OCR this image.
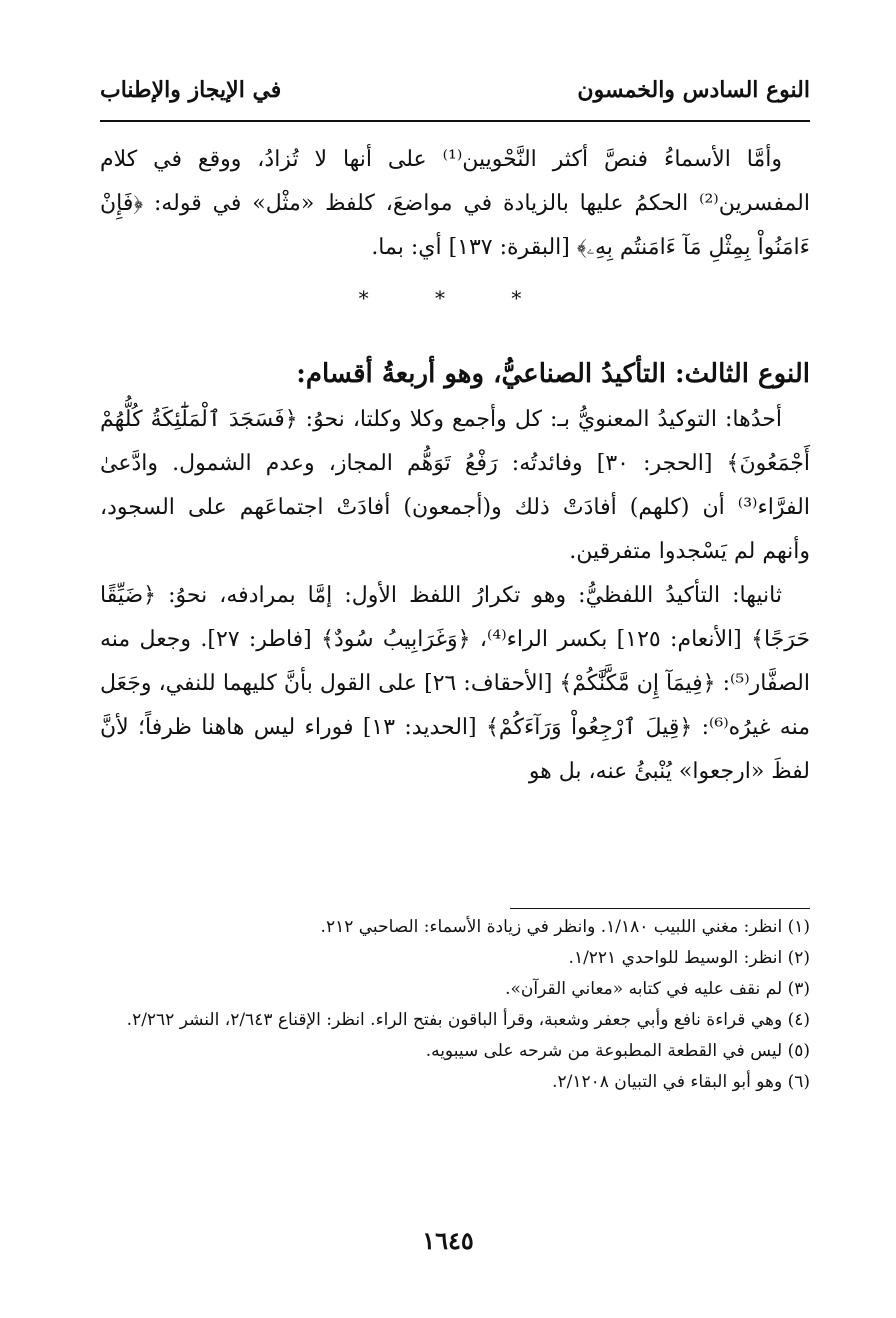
النوع السادس والخمسون
في الإيجاز والإطناب

وأمَّا الأسماءُ فنصَّ أكثر النَّحْويين⁽¹⁾ على أنها لا تُزادُ، ووقع في كلام المفسرين⁽²⁾ الحكمُ عليها بالزيادة في مواضعَ، كلفظ «مثْل» في قوله: ﴿فَإِنْ ءَامَنُواْ بِمِثْلِ مَآ ءَامَنتُم بِهِۦ﴾ [البقرة: ١٣٧] أي: بما.

* * *
النوع الثالث: التأكيدُ الصناعيُّ، وهو أربعةُ أقسام:

أحدُها: التوكيدُ المعنويُّ بـ: كل وأجمع وكلا وكلتا، نحوُ: ﴿فَسَجَدَ ٱلْمَلَٰٓئِكَةُ كُلُّهُمْ أَجْمَعُونَ﴾ [الحجر: ٣٠] وفائدتُه: رَفْعُ تَوَهُّم المجاز، وعدم الشمول. وادَّعىٰ الفرَّاء⁽³⁾ أن (كلهم) أفادَتْ ذلك و(أجمعون) أفادَتْ اجتماعَهم على السجود، وأنهم لم يَسْجدوا متفرقين.

ثانيها: التأكيدُ اللفظيُّ: وهو تكرارُ اللفظ الأول: إمَّا بمرادفه، نحوُ: ﴿ضَيِّقًا حَرَجًا﴾ [الأنعام: ١٢٥] بكسر الراء⁽⁴⁾، ﴿وَغَرَابِيبُ سُودٌ﴾ [فاطر: ٢٧]. وجعل منه الصفَّار⁽⁵⁾: ﴿فِيمَآ إِن مَّكَّنَّٰكُمْ﴾ [الأحقاف: ٢٦] على القول بأنَّ كليهما للنفي، وجَعَل منه غيرُه⁽⁶⁾: ﴿قِيلَ ٱرْجِعُواْ وَرَآءَكُمْ﴾ [الحديد: ١٣] فوراء ليس هاهنا ظرفاً؛ لأنَّ لفظَ «ارجعوا» يُنْبئُ عنه، بل هو

(١) انظر: مغني اللبيب ١/١٨٠. وانظر في زيادة الأسماء: الصاحبي ٢١٢.

(٢) انظر: الوسيط للواحدي ١/٢٢١.

(٣) لم نقف عليه في كتابه «معاني القرآن».

(٤) وهي قراءة نافع وأبي جعفر وشعبة، وقرأ الباقون بفتح الراء. انظر: الإقناع ٢/٦٤٣، النشر ٢/٢٦٢.

(٥) ليس في القطعة المطبوعة من شرحه على سيبويه.

(٦) وهو أبو البقاء في التبيان ٢/١٢٠٨.

١٦٤٥
